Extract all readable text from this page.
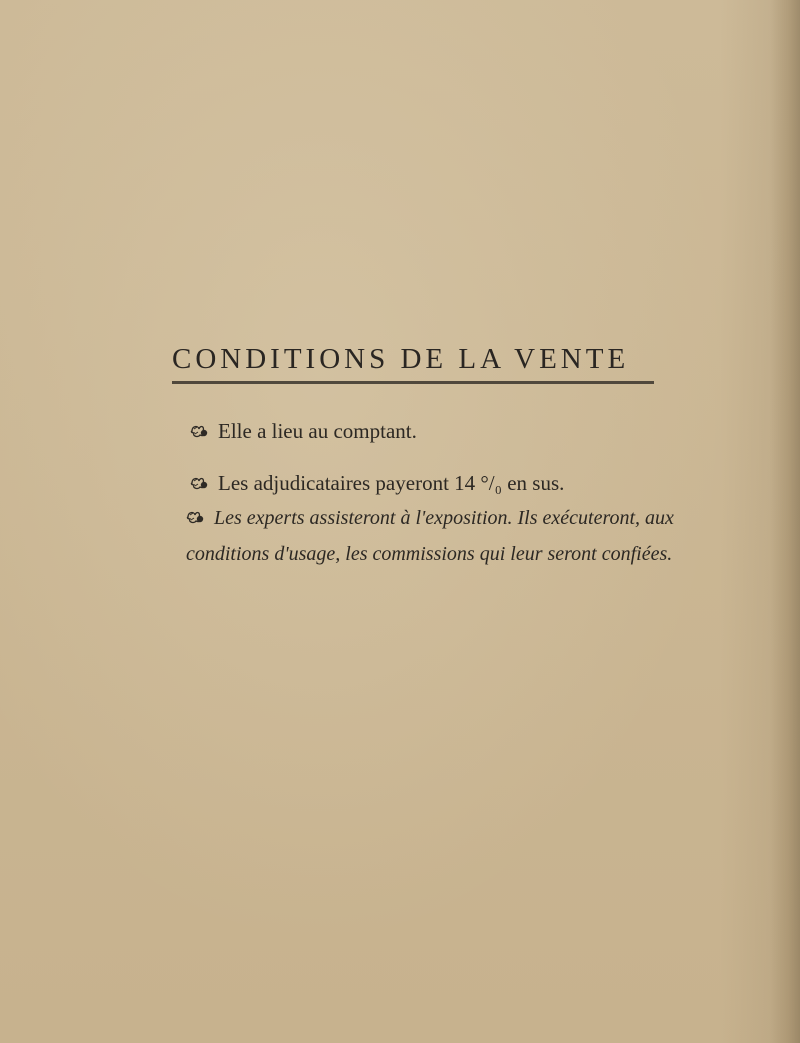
CONDITIONS DE LA VENTE

Elle a lieu au comptant.

Les adjudicataires payeront 14 °/₀ en sus.

Les experts assisteront à l'exposition. Ils exécuteront, aux
conditions d'usage, les commissions qui leur seront confiées.
